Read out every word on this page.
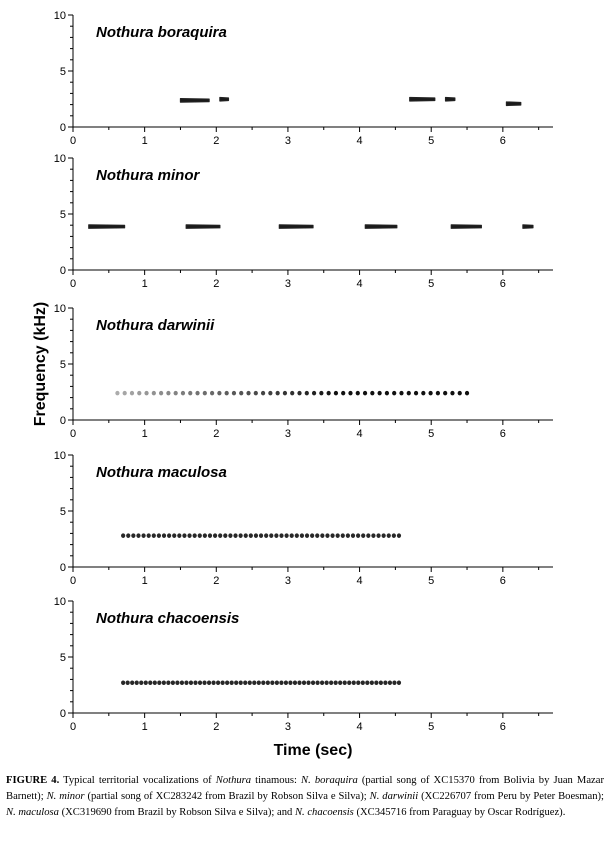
Frequency (kHz)
Time (sec)
0
5
10
0	1	2	3	4	5	6
Nothura boraquira
0
5
10
0	1	2	3	4	5	6
Nothura minor
0
5
10
0	1	2	3	4	5	6
Nothura darwinii
0
5
10
0	1	2	3	4	5	6
Nothura maculosa
0
5
10
0	1	2	3	4	5	6
Nothura chacoensis
FIGURE 4. Typical territorial vocalizations of Nothura tinamous: N. boraquira (partial song of XC15370 from Bolivia by Juan Mazar Barnett); N. minor (partial song of XC283242 from Brazil by Robson Silva e Silva); N. darwinii (XC226707 from Peru by Peter Boesman); N. maculosa (XC319690 from Brazil by Robson Silva e Silva); and N. chacoensis (XC345716 from Paraguay by Oscar Rodríguez).
